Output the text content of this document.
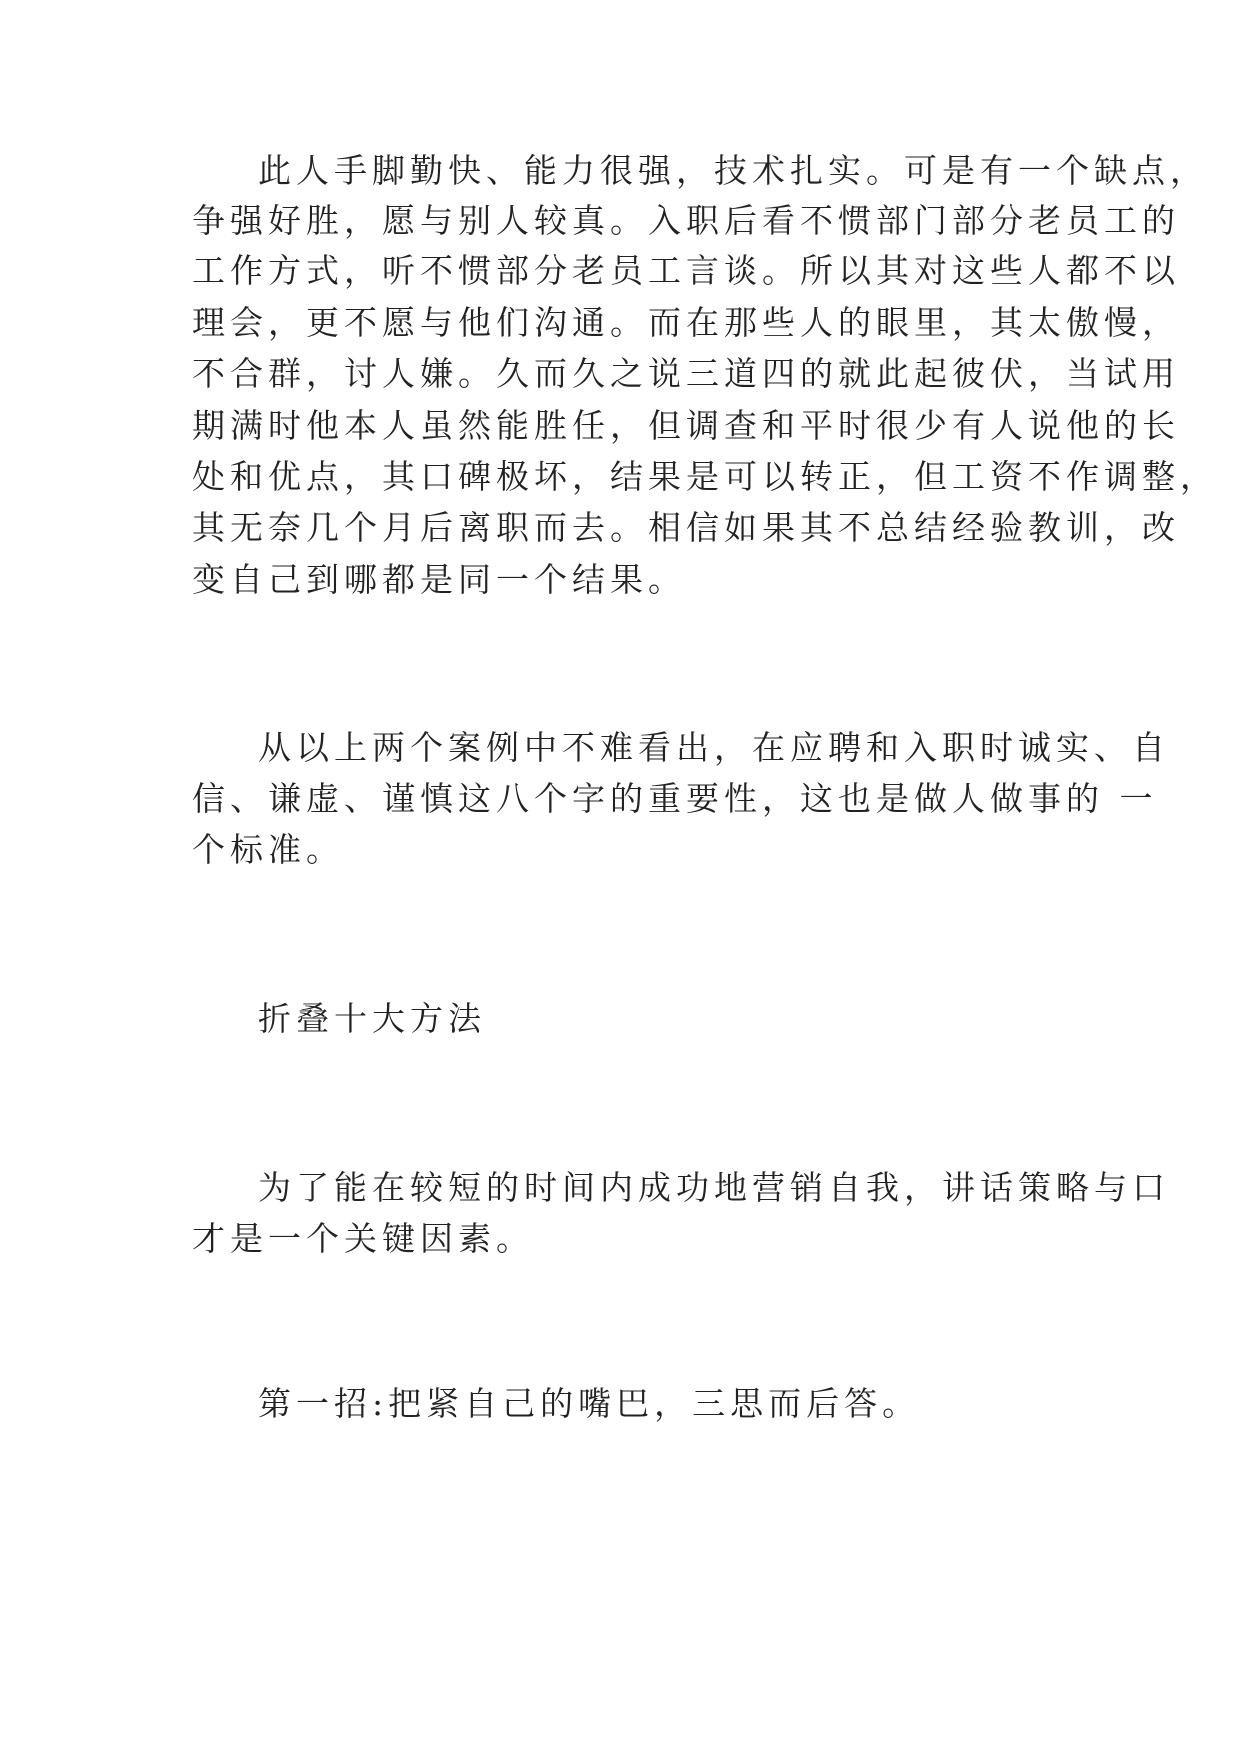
此人手脚勤快、能力很强，技术扎实。可是有一个缺点，
争强好胜，愿与别人较真。入职后看不惯部门部分老员工的
工作方式，听不惯部分老员工言谈。所以其对这些人都不以
理会，更不愿与他们沟通。而在那些人的眼里，其太傲慢，
不合群，讨人嫌。久而久之说三道四的就此起彼伏，当试用
期满时他本人虽然能胜任，但调查和平时很少有人说他的长
处和优点，其口碑极坏，结果是可以转正，但工资不作调整，
其无奈几个月后离职而去。相信如果其不总结经验教训，改
变自己到哪都是同一个结果。
从以上两个案例中不难看出，在应聘和入职时诚实、自
信、谦虚、谨慎这八个字的重要性，这也是做人做事的 一
个标准。
折叠十大方法
为了能在较短的时间内成功地营销自我，讲话策略与口
才是一个关键因素。
第一招:把紧自己的嘴巴，三思而后答。
